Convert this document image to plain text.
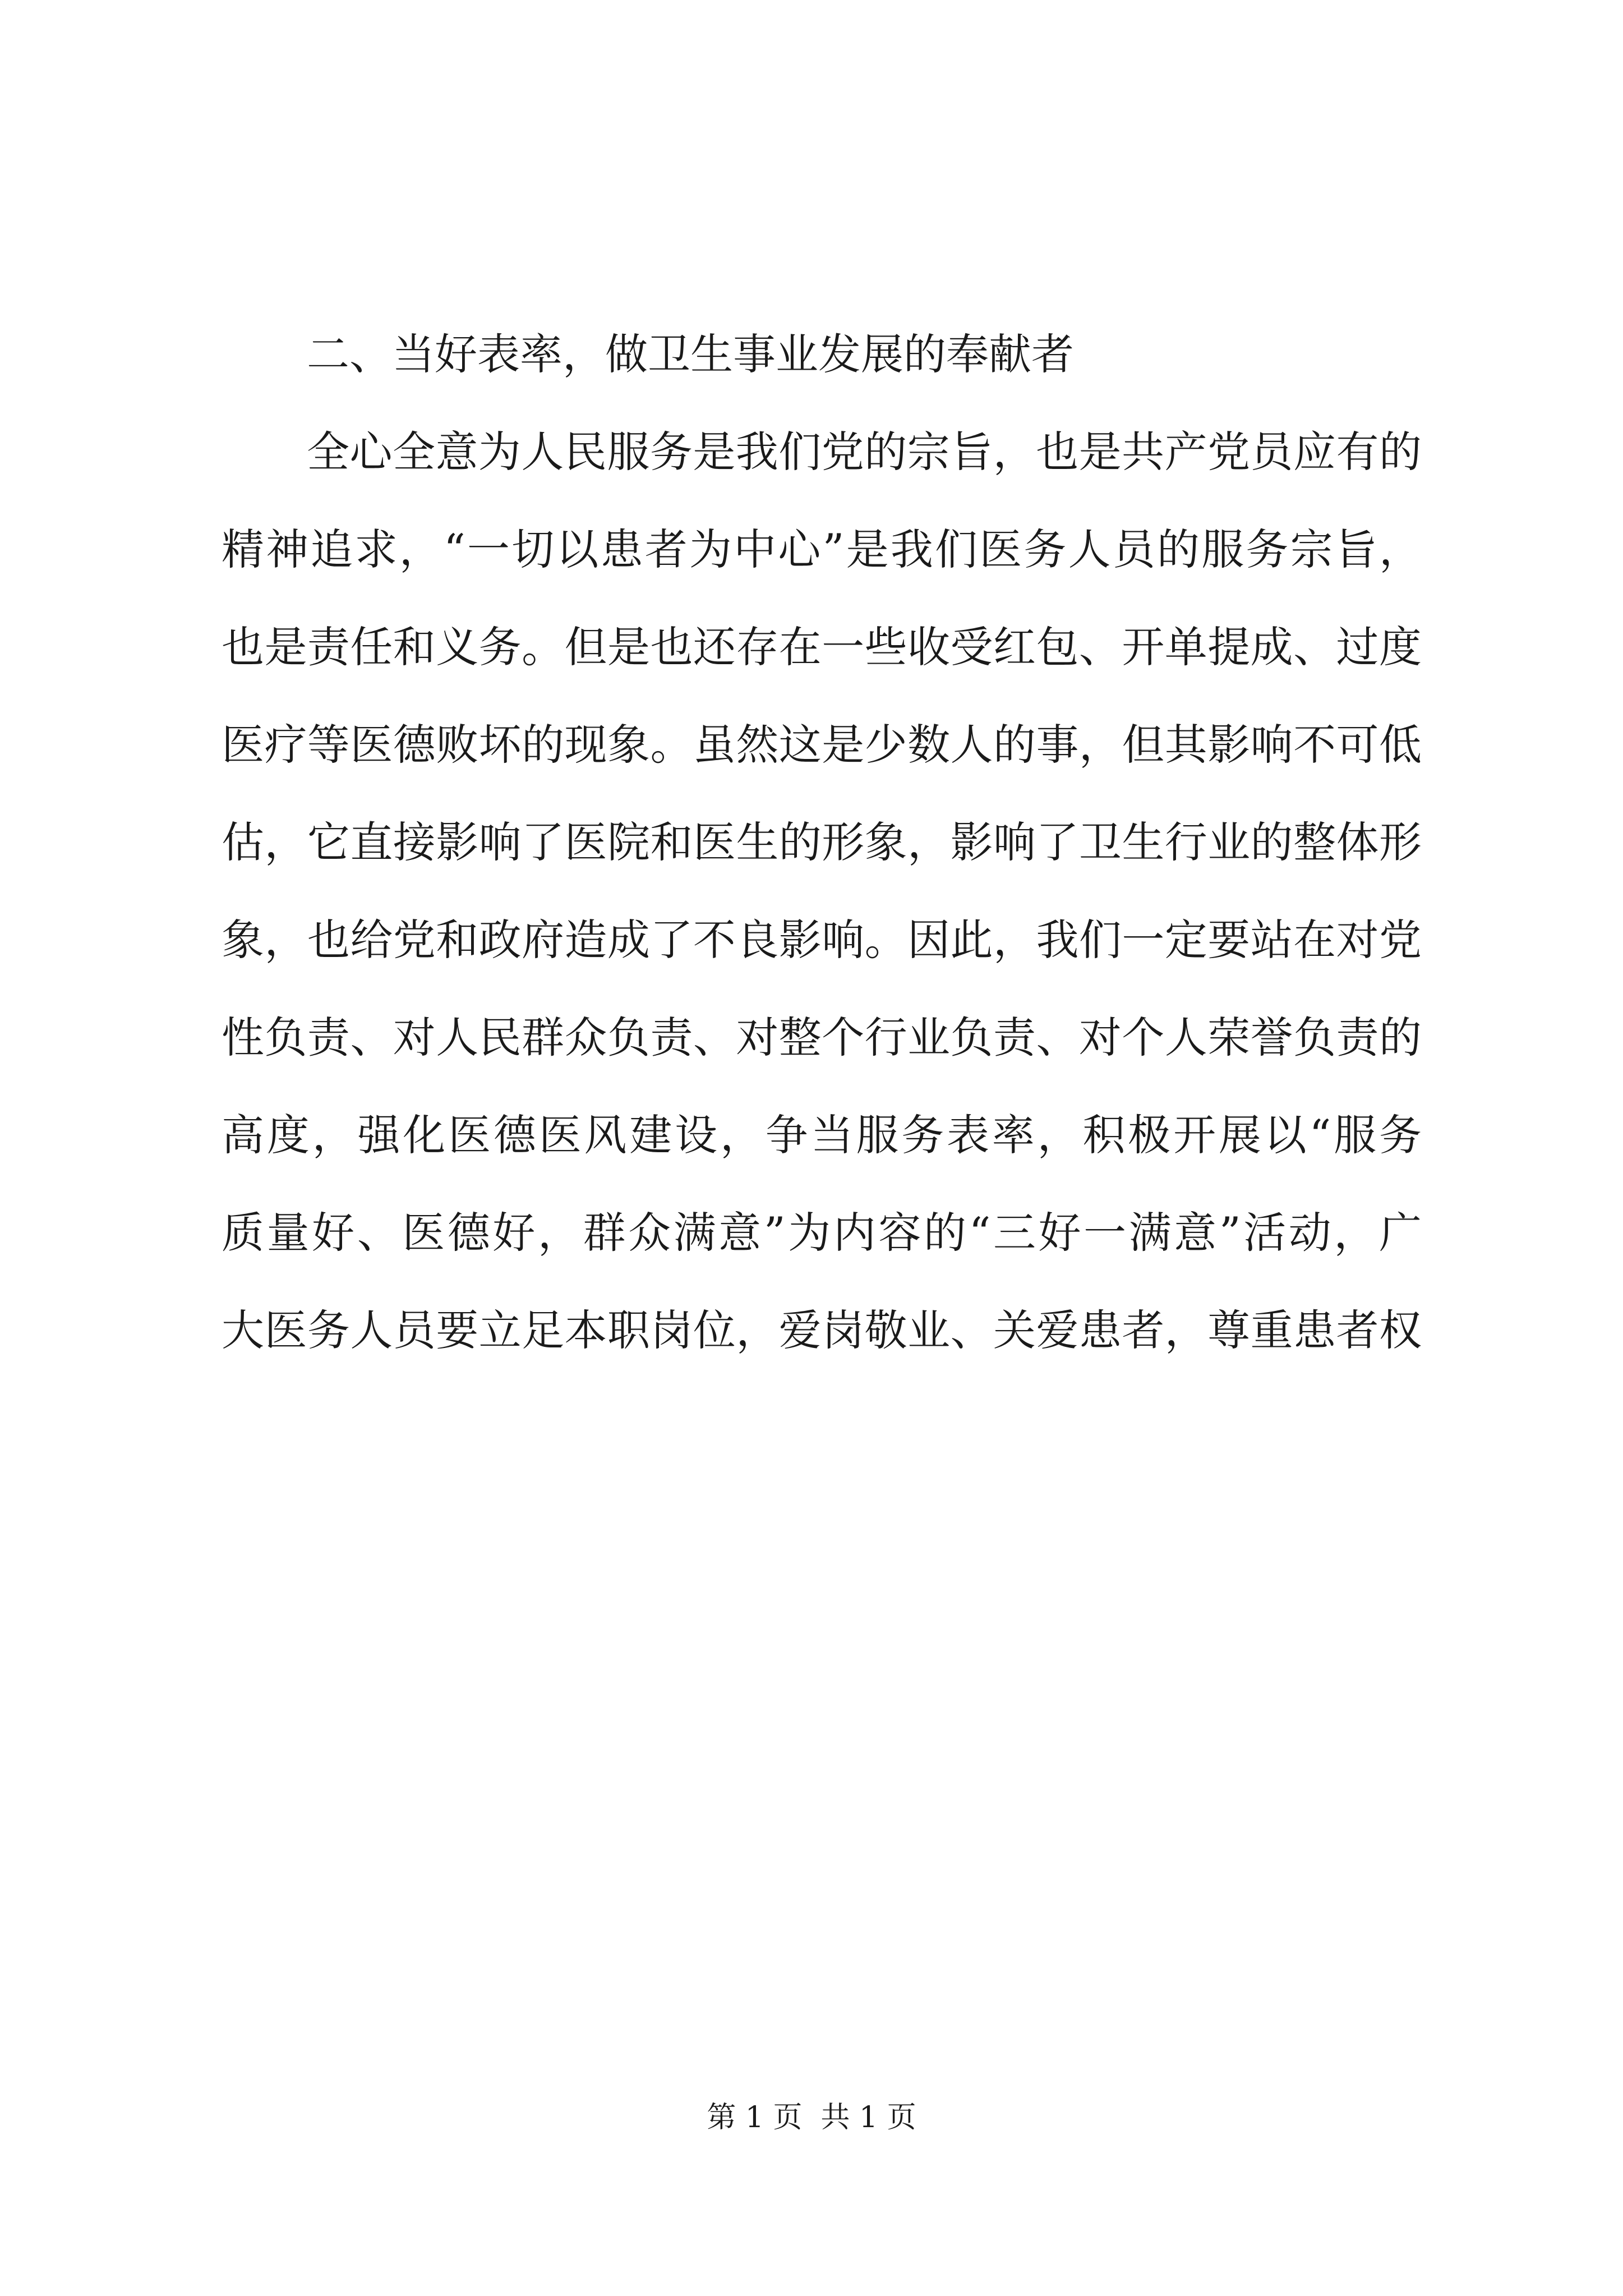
二、当好表率，做卫生事业发展的奉献者
全心全意为人民服务是我们党的宗旨，也是共产党员应有的
精神追求，“一切以患者为中心”是我们医务人员的服务宗旨，
也是责任和义务。但是也还存在一些收受红包、开单提成、过度
医疗等医德败坏的现象。虽然这是少数人的事，但其影响不可低
估，它直接影响了医院和医生的形象，影响了卫生行业的整体形
象，也给党和政府造成了不良影响。因此，我们一定要站在对党
性负责、对人民群众负责、对整个行业负责、对个人荣誉负责的
高度，强化医德医风建设，争当服务表率，积极开展以“服务
质量好、医德好，群众满意”为内容的“三好一满意”活动，广
大医务人员要立足本职岗位，爱岗敬业、关爱患者，尊重患者权
第 1 页  共 1 页
